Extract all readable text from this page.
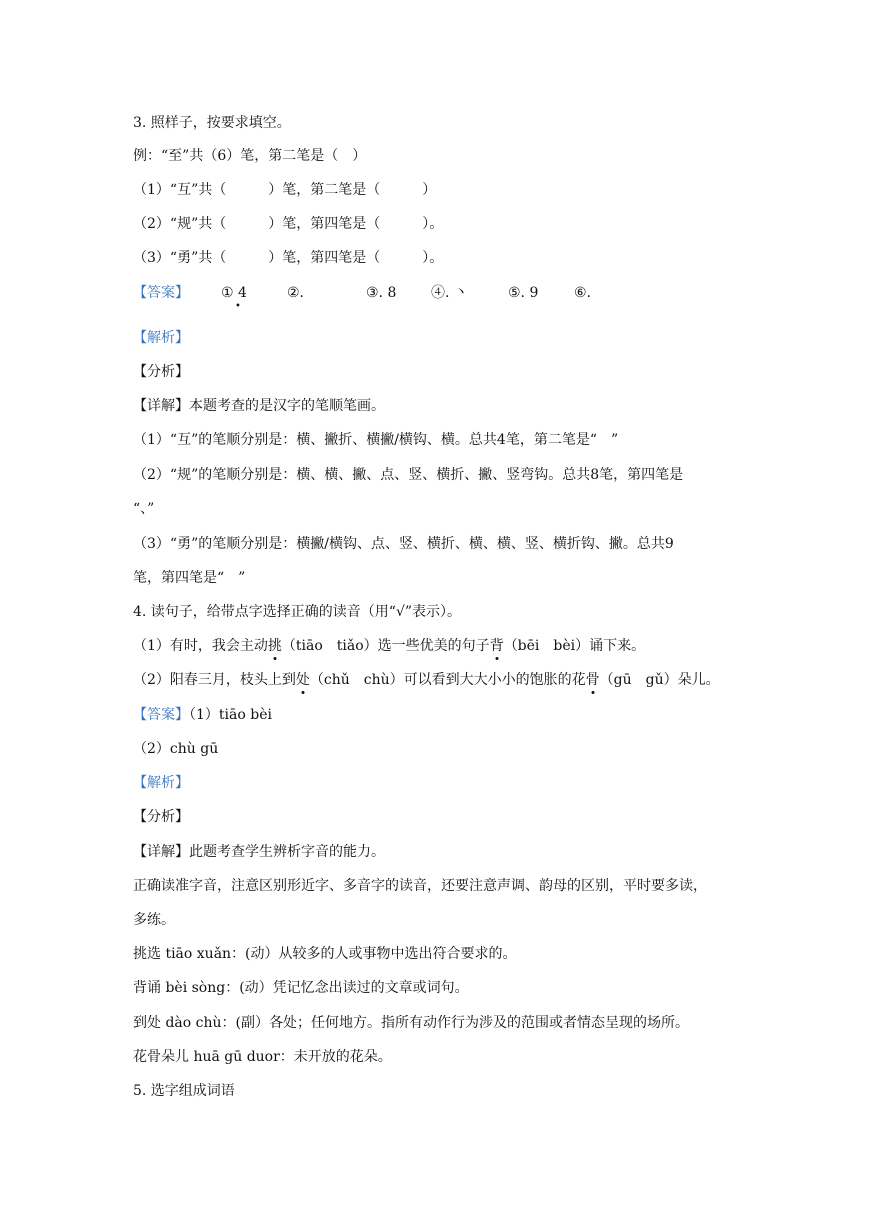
3. 照样子，按要求填空。
例：“至”共（6）笔，第二笔是（　）
（1）“互”共（　　　）笔，第二笔是（　　　）
（2）“规”共（　　　）笔，第四笔是（　　　）。
（3）“勇”共（　　　）笔，第四笔是（　　　）。
【答案】 ① 4
•
②.	③. 8 ④. 丶	⑤. 9	⑥.
【解析】
【分析】
【详解】本题考查的是汉字的笔顺笔画。
（1）“互”的笔顺分别是：横、撇折、横撇/横钩、横。总共4笔，第二笔是“　”
（2）“规”的笔顺分别是：横、横、撇、点、竖、横折、撇、竖弯钩。总共8笔，第四笔是
“、”
（3）“勇”的笔顺分别是：横撇/横钩、点、竖、横折、横、横、竖、横折钩、撇。总共9
笔，第四笔是“　”
4. 读句子，给带点字选择正确的读音（用“√”表示）。
（1）有时，我会主动挑（tiāo　tiǎo）选一些优美的句子背（bēi　bèi）诵下来。
（2）阳春三月，枝头上到处（chǔ　chù）可以看到大大小小的饱胀的花骨（gū　gǔ）朵儿。
【答案】（1）tiāo bèi
（2）chù gū
【解析】
【分析】
【详解】此题考查学生辨析字音的能力。
正确读准字音，注意区别形近字、多音字的读音，还要注意声调、韵母的区别，平时要多读，
多练。
挑选 tiāo xuǎn：(动）从较多的人或事物中选出符合要求的。
背诵 bèi sòng：(动）凭记忆念出读过的文章或词句。
到处 dào chù：(副）各处；任何地方。指所有动作行为涉及的范围或者情态呈现的场所。
花骨朵儿 huā gū duor：未开放的花朵。
5. 选字组成词语
